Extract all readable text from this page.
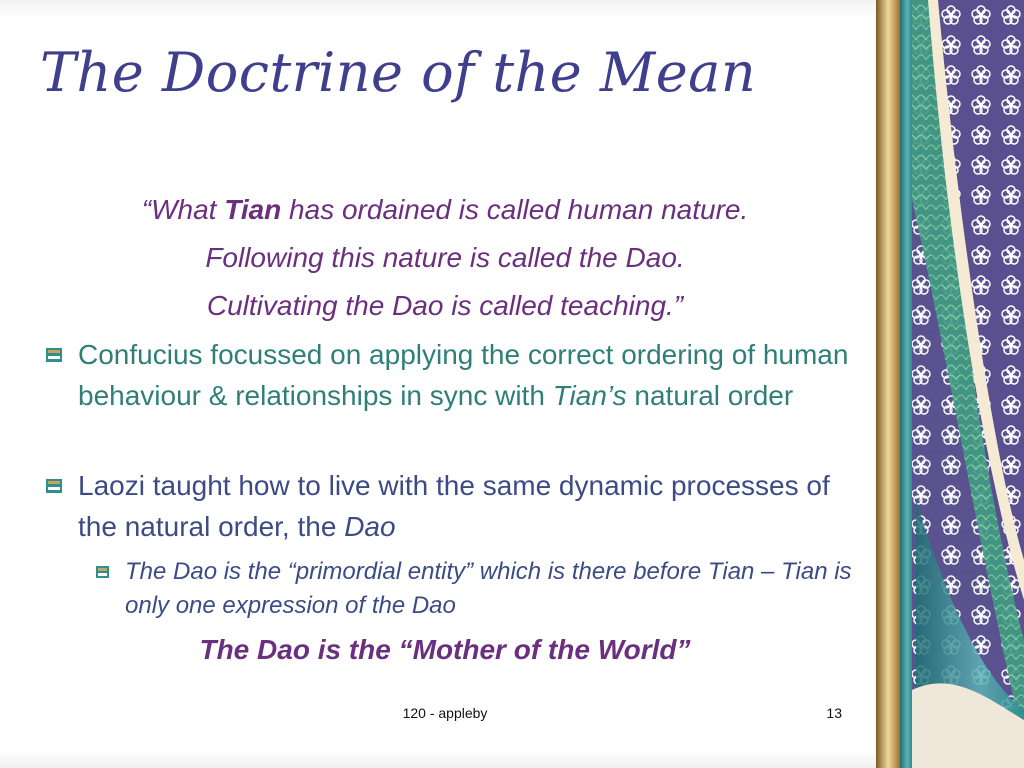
The Doctrine of the Mean
“What Tian has ordained is called human nature.
Following this nature is called the Dao.
Cultivating the Dao is called teaching.”
Confucius focussed on applying the correct ordering of human behaviour & relationships in sync with Tian’s natural order
Laozi taught how to live with the same dynamic processes of the natural order, the Dao
The Dao is the “primordial entity” which is there before Tian – Tian is only one expression of the Dao
The Dao is the “Mother of the World”
120 - appleby	13
